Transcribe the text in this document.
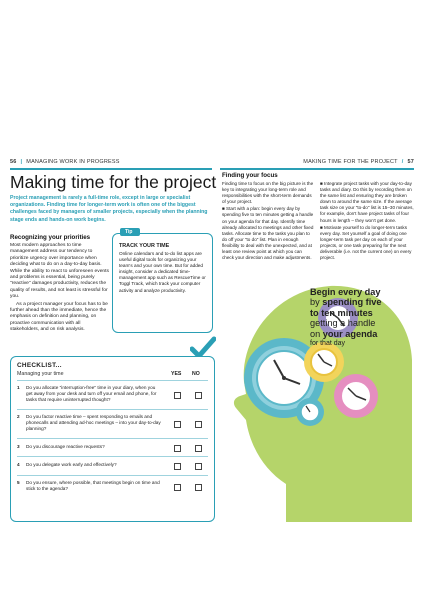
56 | MANAGING WORK IN PROGRESS	MAKING TIME FOR THE PROJECT / 57
Making time for the project
Project management is rarely a full-time role, except in large or specialist organizations. Finding time for longer-term work is often one of the biggest challenges faced by managers of smaller projects, especially when the planning stage ends and hands-on work begins.
Recognizing your priorities

Most modern approaches to time management address our tendency to prioritize urgency over importance when deciding what to do on a day-to-day basis. While the ability to react to unforeseen events and problems is essential, being purely "reactive" damages productivity, reduces the quality of results, and not least is stressful for you.

As a project manager your focus has to be further ahead than the immediate, hence the emphasis on definition and planning, on proactive communication with all stakeholders, and on risk analysis.

Tip
TRACK YOUR TIME
Online calendars and to-do list apps are useful digital tools for organizing your team's and your own time. But for added insight, consider a dedicated time-management app such as RescueTime or Toggl Track, which track your computer activity and analyze productivity.
CHECKLIST...
Managing your time	YES NO
1 Do you allocate "interruption-free" time in your diary, when you get away from your desk and turn off your email and phone, for tasks that require uninterrupted thought?
2 Do you factor reactive time – spent responding to emails and phonecalls and attending ad-hoc meetings – into your day-to-day planning?
3 Do you discourage reactive requests?
4 Do you delegate work early and effectively?
5 Do you ensure, where possible, that meetings begin on time and stick to the agenda?
Finding your focus

Finding time to focus on the big picture is the key to integrating your long-term role and responsibilities with the short-term demands of your project.

■ Start with a plan: begin every day by spending five to ten minutes getting a handle on your agenda for that day. Identify time already allocated to meetings and other fixed tasks. Allocate time to the tasks you plan to do off your "to do" list. Plan in enough flexibility to deal with the unexpected, and at least one review point at which you can check your direction and make adjustments.

■ Integrate project tasks with your day-to-day tasks and diary. Do this by recording them on the same list and ensuring they are broken down to around the same size. If the average task size on your "to-do" list is 15–30 minutes, for example, don't have project tasks of four hours in length – they won't get done.

■ Motivate yourself to do longer-term tasks every day. Set yourself a goal of doing one longer-term task per day on each of your projects, or one task preparing for the next deliverable (i.e. not the current one) on every project.

Begin every day
by spending five
to ten minutes
getting a handle
on your agenda
for that day
